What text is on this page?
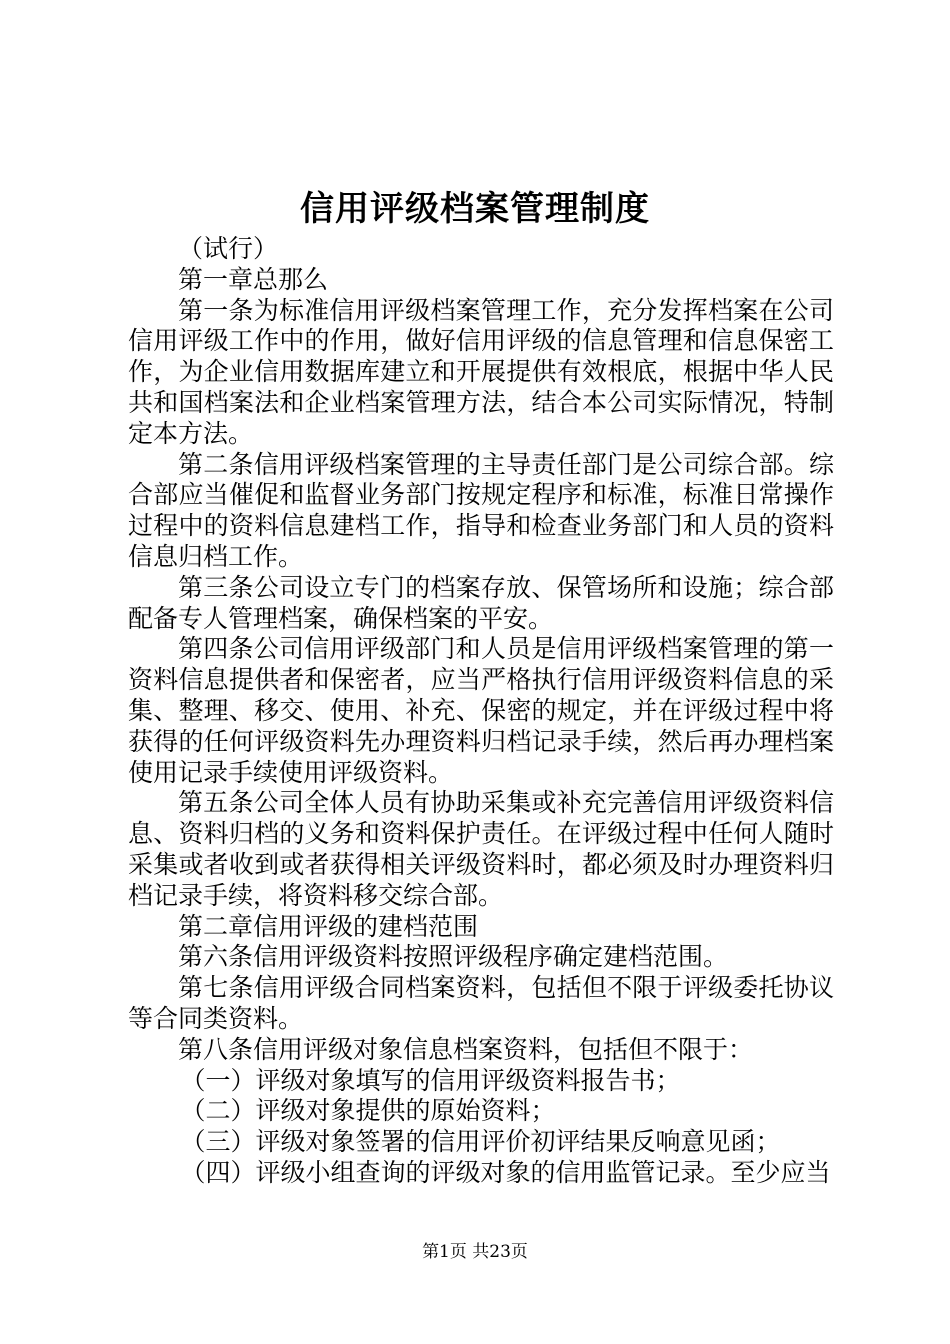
信用评级档案管理制度

（试行）

第一章总那么

第一条为标准信用评级档案管理工作，充分发挥档案在公司信用评级工作中的作用，做好信用评级的信息管理和信息保密工作，为企业信用数据库建立和开展提供有效根底，根据中华人民共和国档案法和企业档案管理方法，结合本公司实际情况，特制定本方法。

第二条信用评级档案管理的主导责任部门是公司综合部。综合部应当催促和监督业务部门按规定程序和标准，标准日常操作过程中的资料信息建档工作，指导和检查业务部门和人员的资料信息归档工作。

第三条公司设立专门的档案存放、保管场所和设施；综合部配备专人管理档案，确保档案的平安。

第四条公司信用评级部门和人员是信用评级档案管理的第一资料信息提供者和保密者，应当严格执行信用评级资料信息的采集、整理、移交、使用、补充、保密的规定，并在评级过程中将获得的任何评级资料先办理资料归档记录手续，然后再办理档案使用记录手续使用评级资料。

第五条公司全体人员有协助采集或补充完善信用评级资料信息、资料归档的义务和资料保护责任。在评级过程中任何人随时采集或者收到或者获得相关评级资料时，都必须及时办理资料归档记录手续，将资料移交综合部。

第二章信用评级的建档范围

第六条信用评级资料按照评级程序确定建档范围。

第七条信用评级合同档案资料，包括但不限于评级委托协议等合同类资料。

第八条信用评级对象信息档案资料，包括但不限于：

（一）评级对象填写的信用评级资料报告书；

（二）评级对象提供的原始资料；

（三）评级对象签署的信用评价初评结果反响意见函；

（四）评级小组查询的评级对象的信用监管记录。至少应当

第1页 共23页
